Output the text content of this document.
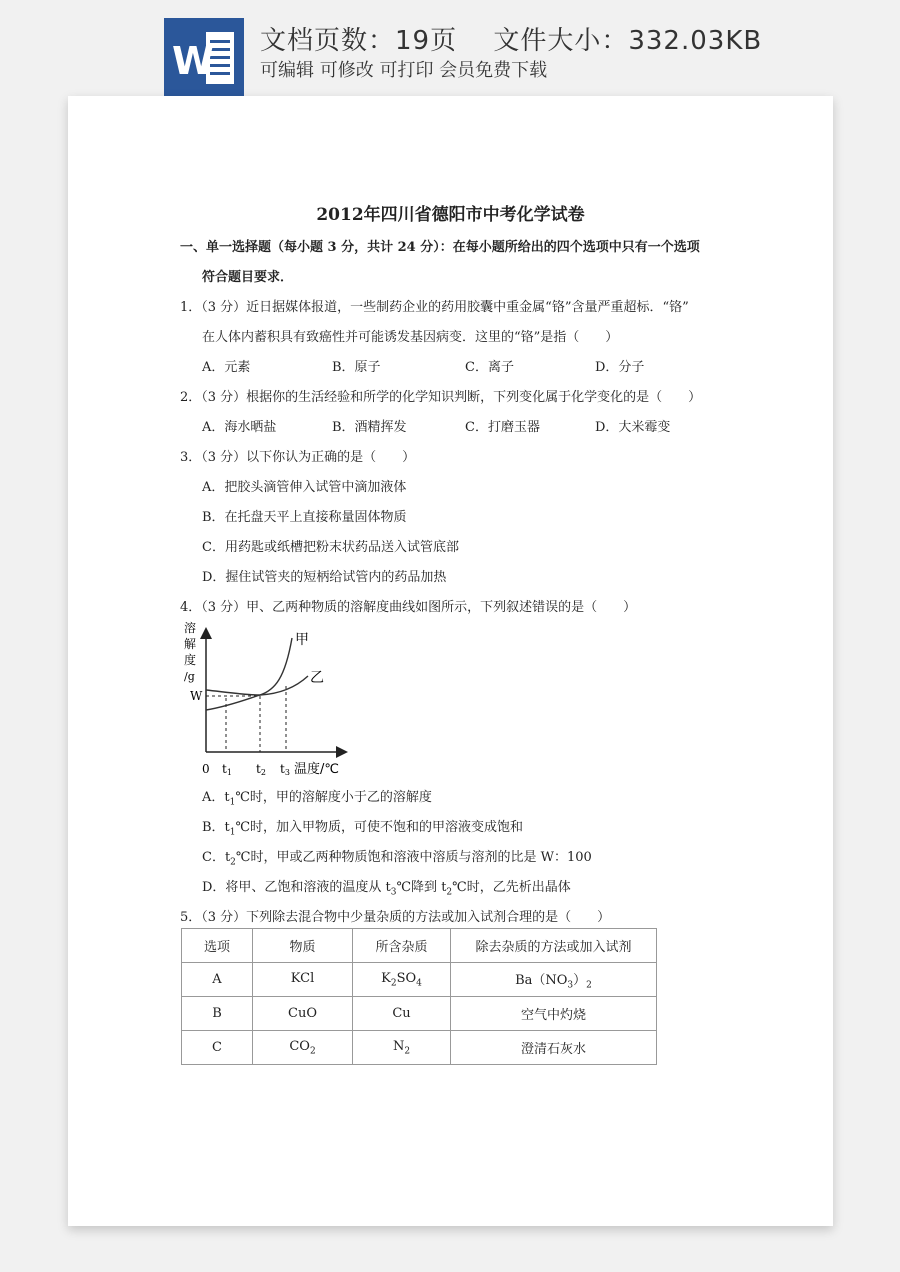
W 文档页数：19页　 文件大小：332.03KB
可编辑 可修改 可打印 会员免费下载
2012年四川省德阳市中考化学试卷
一、单一选择题（每小题 3 分，共计 24 分）：在每小题所给出的四个选项中只有一个选项
符合题目要求．
1．（3 分）近日据媒体报道，一些制药企业的药用胶囊中重金属“铬”含量严重超标．“铬”
在人体内蓄积具有致癌性并可能诱发基因病变．这里的“铬”是指（　　）
A．元素	B．原子	C．离子	D．分子
2．（3 分）根据你的生活经验和所学的化学知识判断，下列变化属于化学变化的是（　　）
A．海水晒盐	B．酒精挥发	C．打磨玉器	D．大米霉变
3．（3 分）以下你认为正确的是（　　）
A．把胶头滴管伸入试管中滴加液体
B．在托盘天平上直接称量固体物质
C．用药匙或纸槽把粉末状药品送入试管底部
D．握住试管夹的短柄给试管内的药品加热
4．（3 分）甲、乙两种物质的溶解度曲线如图所示，下列叙述错误的是（　　）
溶
解
度
/g
W
甲
乙
0 t1 t2 t3 温度/℃
A．$t_1℃$时，甲的溶解度小于乙的溶解度
B．$t_1℃$时，加入甲物质，可使不饱和的甲溶液变成饱和
C．$t_2℃$时，甲或乙两种物质饱和溶液中溶质与溶剂的比是 W：100
D．将甲、乙饱和溶液的温度从 $t_3℃$降到 $t_2℃$时，乙先析出晶体
5．（3 分）下列除去混合物中少量杂质的方法或加入试剂合理的是（　　）
选项	物质	所含杂质	除去杂质的方法或加入试剂
A	KCl	$K_2SO_4$	$Ba(NO_3)_2$
B	CuO	Cu	空气中灼烧
C	$CO_2$	$N_2$	澄清石灰水
